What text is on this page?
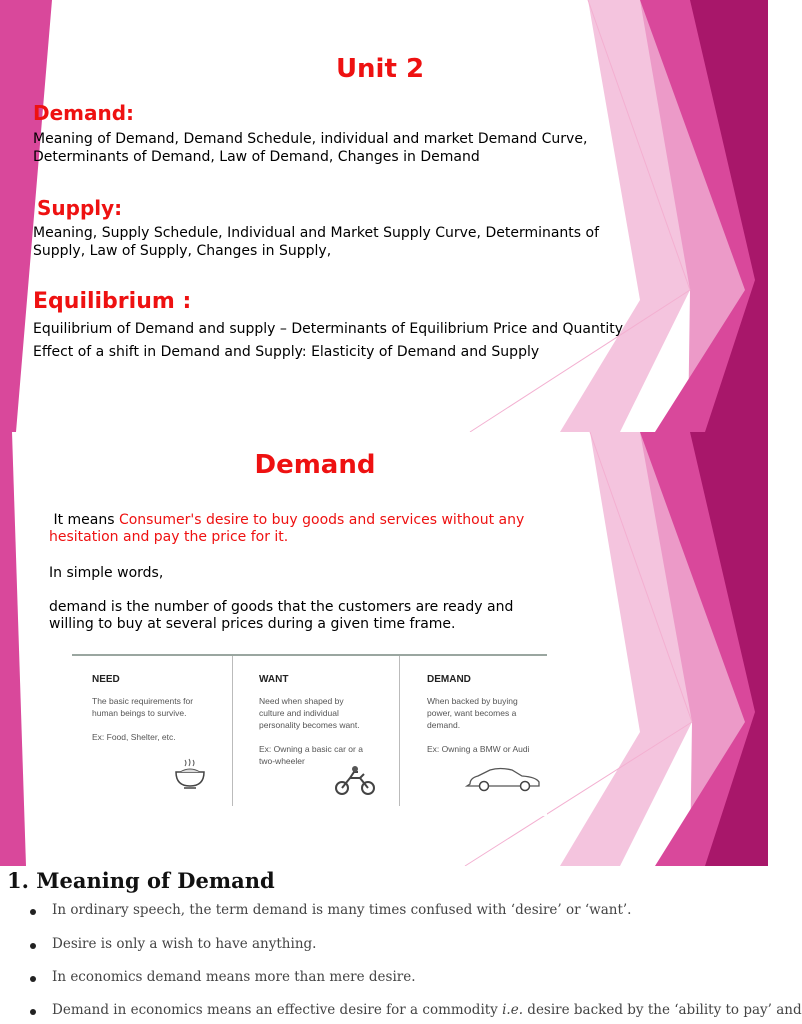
Unit 2
Demand:
Meaning of Demand, Demand Schedule, individual and market Demand Curve,
Determinants of Demand, Law of Demand, Changes in Demand
Supply:
Meaning, Supply Schedule, Individual and Market Supply Curve, Determinants of
Supply, Law of Supply, Changes in Supply,
Equilibrium :
Equilibrium of Demand and supply – Determinants of Equilibrium Price and Quantity
Effect of a shift in Demand and Supply: Elasticity of Demand and Supply
Demand
It means Consumer's desire to buy goods and services without any
hesitation and pay the price for it.
In simple words,
demand is the number of goods that the customers are ready and
willing to buy at several prices during a given time frame.
NEED

The basic requirements for
human beings to survive.

Ex: Food, Shelter, etc.

WANT

Need when shaped by
culture and individual
personality becomes want.

Ex: Owning a basic car or a
two-wheeler

DEMAND

When backed by buying
power, want becomes a
demand.

Ex: Owning a BMW or Audi

1. Meaning of Demand
In ordinary speech, the term demand is many times confused with ‘desire’ or ‘want’.
Desire is only a wish to have anything.
In economics demand means more than mere desire.
Demand in economics means an effective desire for a commodity i.e. desire backed by the ‘ability to pay’ and
